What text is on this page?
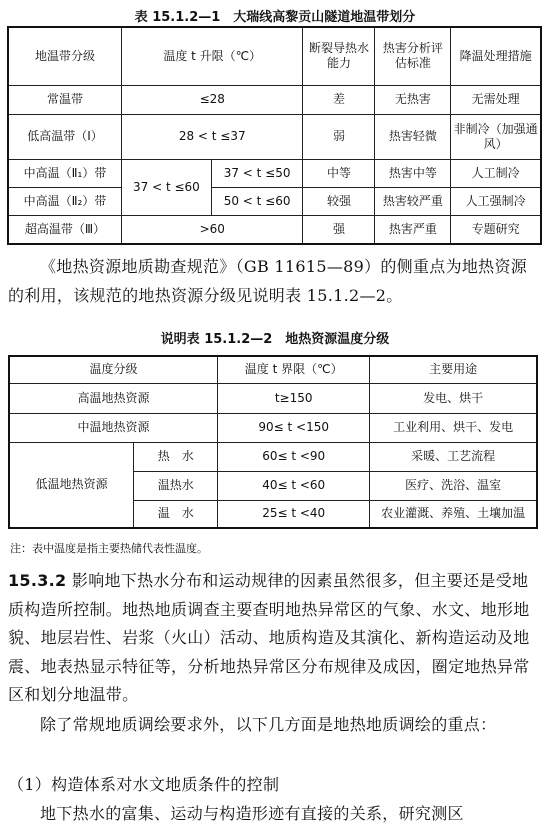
表 15.1.2—1　大瑞线高黎贡山隧道地温带划分
地温带分级	温度 t 升限（℃）		断裂导热水能力	热害分析评估标准	降温处理措施
常温带	≤28		差	无热害	无需处理
低高温带（Ⅰ）	28 < t ≤37		弱	热害轻微	非制冷（加强通风）
中高温（Ⅱ₁）带	37 < t ≤60	37 < t ≤50	中等	热害中等	人工制冷
中高温（Ⅱ₂）带		50 < t ≤60	较强	热害较严重	人工强制冷
超高温带（Ⅲ）	>60		强	热害严重	专题研究
《地热资源地质勘查规范》（GB 11615—89）的侧重点为地热资源的利用，该规范的地热资源分级见说明表 15.1.2—2。
说明表 15.1.2—2　地热资源温度分级
温度分级		温度 t 界限（℃）	主要用途
高温地热资源		t≥150	发电、烘干
中温地热资源		90≤ t <150	工业利用、烘干、发电
低温地热资源	热　水	60≤ t <90	采暖、工艺流程
	温热水	40≤ t <60	医疗、洗浴、温室
	温　水	25≤ t <40	农业灌溉、养殖、土壤加温
注：表中温度是指主要热储代表性温度。
15.3.2 影响地下热水分布和运动规律的因素虽然很多，但主要还是受地质构造所控制。地热地质调查主要查明地热异常区的气象、水文、地形地貌、地层岩性、岩浆（火山）活动、地质构造及其演化、新构造运动及地震、地表热显示特征等，分析地热异常区分布规律及成因，圈定地热异常区和划分地温带。
除了常规地质调绘要求外，以下几方面是地热地质调绘的重点：
（1）构造体系对水文地质条件的控制
地下热水的富集、运动与构造形迹有直接的关系，研究测区
